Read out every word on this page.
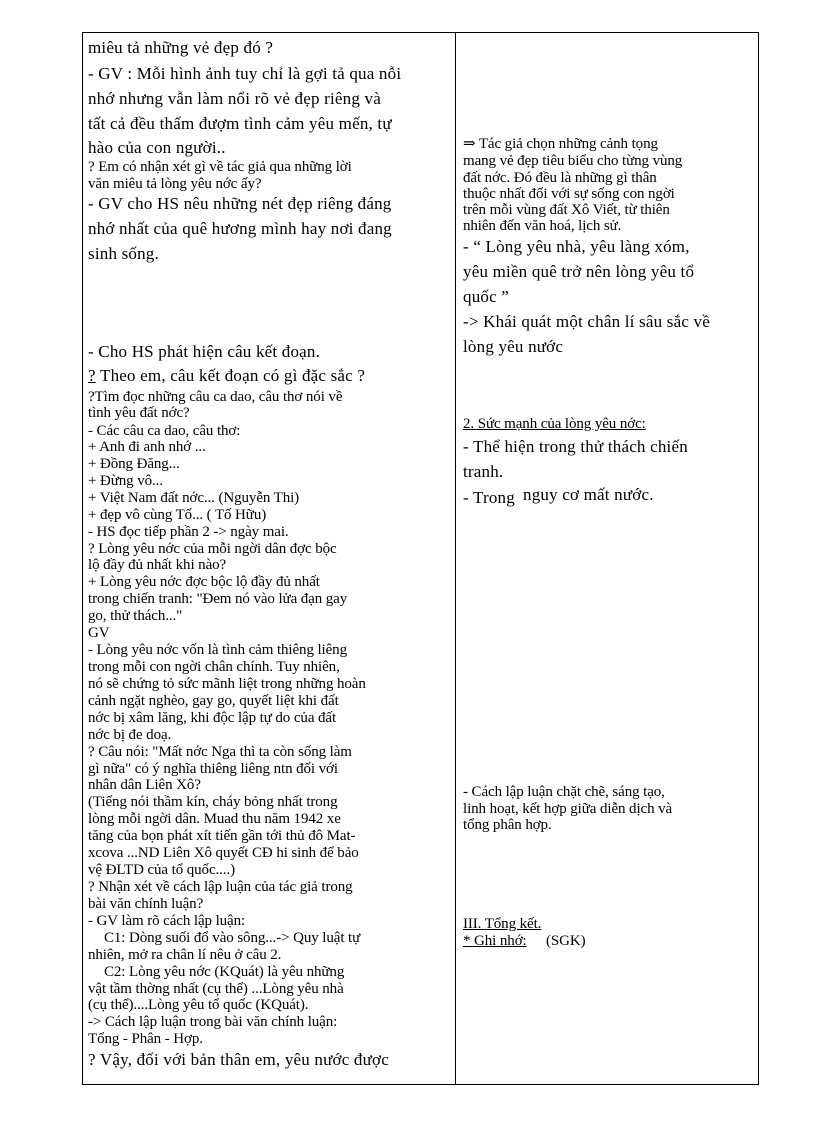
miêu tả những vẻ đẹp đó ?
- GV : Mỗi hình ảnh tuy chỉ là gợi tả qua nỗi
nhớ nhưng vẫn làm nổi rõ vẻ đẹp riêng và
tất cả đều thấm đượm tình cảm yêu mến, tự
hào của con người..
? Em có nhận xét gì về tác giả qua những lời
văn miêu tả lòng yêu nớc ấy?
- GV cho HS nêu những nét đẹp riêng đáng
nhớ nhất của quê hương mình hay nơi đang
sinh sống.
- Cho HS phát hiện câu kết đoạn.
? Theo em, câu kết đoạn có gì đặc sắc ?
?Tìm đọc những câu ca dao, câu thơ nói về
tình yêu đất nớc?
- Các câu ca dao, câu thơ:
+ Anh đi anh nhớ ...
+ Đồng Đăng...
+ Đừng vô...
+ Việt Nam đất nớc... (Nguyễn Thi)
+ đẹp vô cùng Tổ... ( Tố Hữu)
- HS đọc tiếp phần 2 -> ngày mai.
? Lòng yêu nớc của mỗi ngời dân đợc bộc
lộ đầy đủ nhất khi nào?
+ Lòng yêu nớc đợc bộc lộ đầy đủ nhất
trong chiến tranh: "Đem nó vào lửa đạn gay
go, thử thách..."
GV
- Lòng yêu nớc vốn là tình cảm thiêng liêng
trong mỗi con ngời chân chính. Tuy nhiên,
nó sẽ chứng tỏ sức mãnh liệt trong những hoàn
cảnh ngặt nghèo, gay go, quyết liệt khi đất
nớc bị xâm lăng, khi độc lập tự do của đất
nớc bị đe doạ.
? Câu nói: "Mất nớc Nga thì ta còn sống làm
gì nữa" có ý nghĩa thiêng liêng ntn đối với
nhân dân Liên Xô?
(Tiếng nói thầm kín, cháy bỏng nhất trong
lòng mỗi ngời dân. Muad thu năm 1942 xe
tăng của bọn phát xít tiến gần tới thủ đô Mat-
xcova ...ND Liên Xô quyết CĐ hi sinh để bảo
vệ ĐLTD của tổ quốc....)
? Nhận xét về cách lập luận của tác giả trong
bài văn chính luận?
- GV làm rõ cách lập luận:
C1: Dòng suối đổ vào sông...-> Quy luật tự
nhiên, mở ra chân lí nêu ở câu 2.
C2: Lòng yêu nớc (KQuát) là yêu những
vật tầm thờng nhất (cụ thể) ...Lòng yêu nhà
(cụ thể)....Lòng yêu tổ quốc (KQuát).
-> Cách lập luận trong bài văn chính luận:
Tổng - Phân - Hợp.
? Vậy, đối với bản thân em, yêu nước được
⇒ Tác giả chọn những cảnh tọng
mang vẻ đẹp tiêu biểu cho từng vùng
đất nớc. Đó đều là những gì thân
thuộc nhất đối với sự sống con ngời
trên mỗi vùng đất Xô Viết, từ thiên
nhiên đến văn hoá, lịch sử.
- “ Lòng yêu nhà, yêu làng xóm,
yêu miền quê trở nên lòng yêu tổ
quốc ”
-> Khái quát một chân lí sâu sắc về
lòng yêu nước
2. Sức mạnh của lòng yêu nớc:
- Thể hiện trong thử thách chiến
tranh.
- Trong nguy cơ mất nước.
- Cách lập luận chặt chẽ, sáng tạo,
linh hoạt, kết hợp giữa diễn dịch và
tổng phân hợp.
III. Tổng kết.
* Ghi nhớ: (SGK)
